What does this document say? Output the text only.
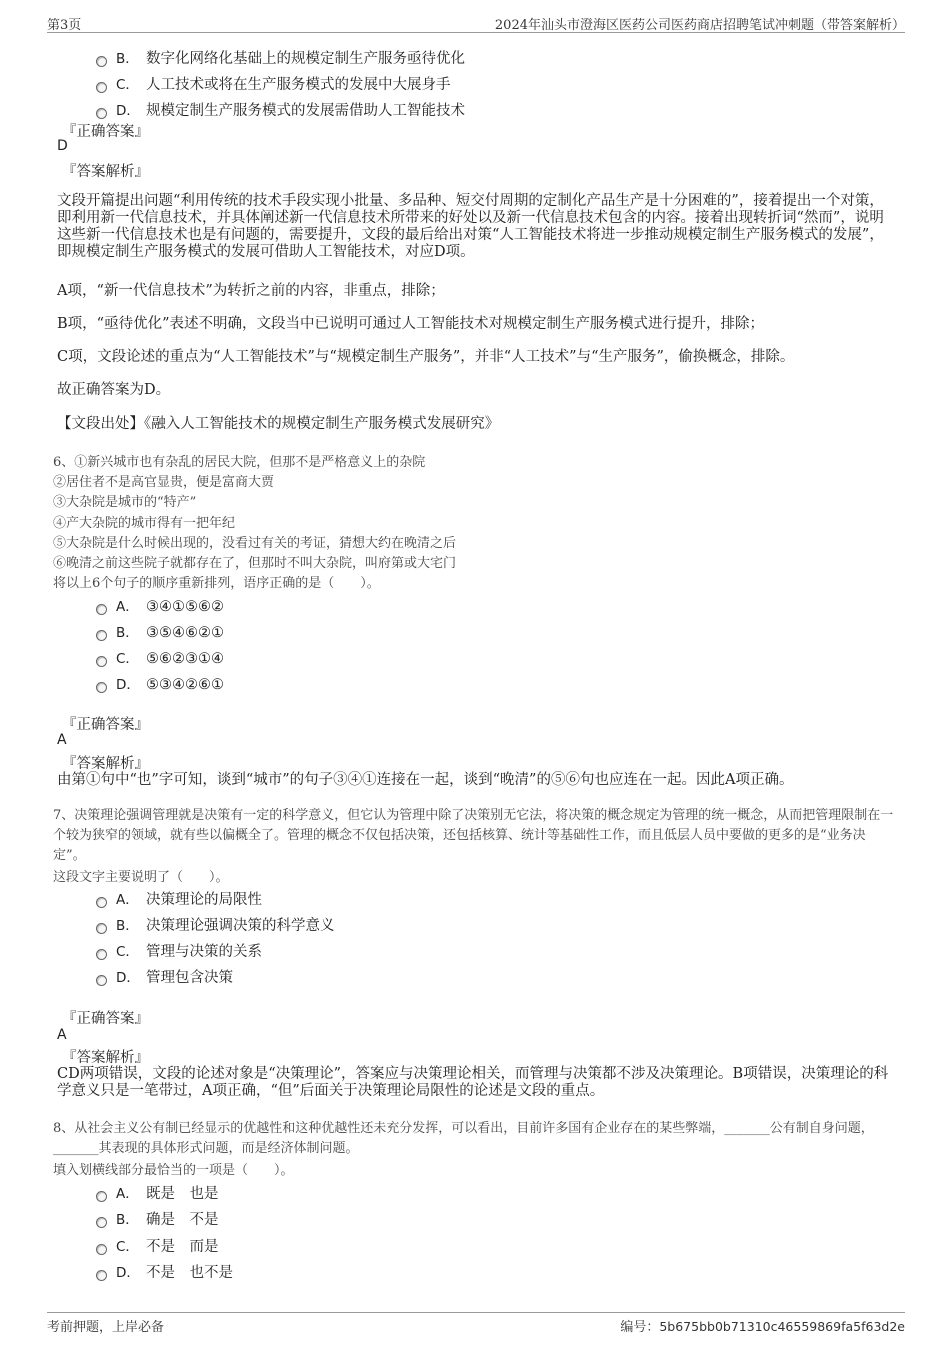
第3页	2024年汕头市澄海区医药公司医药商店招聘笔试冲刺题（带答案解析）
B． 数字化网络化基础上的规模定制生产服务亟待优化
C． 人工技术或将在生产服务模式的发展中大展身手
D． 规模定制生产服务模式的发展需借助人工智能技术
『正确答案』
D
『答案解析』
文段开篇提出问题“利用传统的技术手段实现小批量、多品种、短交付周期的定制化产品生产是十分困难的”，接着提出一个对策，即利用新一代信息技术，并具体阐述新一代信息技术所带来的好处以及新一代信息技术包含的内容。接着出现转折词“然而”，说明这些新一代信息技术也是有问题的，需要提升，文段的最后给出对策“人工智能技术将进一步推动规模定制生产服务模式的发展”，即规模定制生产服务模式的发展可借助人工智能技术，对应D项。
A项，“新一代信息技术”为转折之前的内容，非重点，排除；
B项，“亟待优化”表述不明确，文段当中已说明可通过人工智能技术对规模定制生产服务模式进行提升，排除；
C项，文段论述的重点为“人工智能技术”与“规模定制生产服务”，并非“人工技术”与“生产服务”，偷换概念，排除。
故正确答案为D。
【文段出处】《融入人工智能技术的规模定制生产服务模式发展研究》
6、①新兴城市也有杂乱的居民大院，但那不是严格意义上的杂院
②居住者不是高官显贵，便是富商大贾
③大杂院是城市的“特产”
④产大杂院的城市得有一把年纪
⑤大杂院是什么时候出现的，没看过有关的考证，猜想大约在晚清之后
⑥晚清之前这些院子就都存在了，但那时不叫大杂院，叫府第或大宅门
将以上6个句子的顺序重新排列，语序正确的是（　　）。
A． ③④①⑤⑥②
B． ③⑤④⑥②①
C． ⑤⑥②③①④
D． ⑤③④②⑥①
『正确答案』
A
『答案解析』
由第①句中“也”字可知，谈到“城市”的句子③④①连接在一起，谈到“晚清”的⑤⑥句也应连在一起。因此A项正确。
7、决策理论强调管理就是决策有一定的科学意义，但它认为管理中除了决策别无它法，将决策的概念规定为管理的统一概念，从而把管理限制在一个较为狭窄的领域，就有些以偏概全了。管理的概念不仅包括决策，还包括核算、统计等基础性工作，而且低层人员中要做的更多的是“业务决定”。
这段文字主要说明了（　　）。
A． 决策理论的局限性
B． 决策理论强调决策的科学意义
C． 管理与决策的关系
D． 管理包含决策
『正确答案』
A
『答案解析』
CD两项错误，文段的论述对象是“决策理论”，答案应与决策理论相关，而管理与决策都不涉及决策理论。B项错误，决策理论的科学意义只是一笔带过，A项正确，“但”后面关于决策理论局限性的论述是文段的重点。
8、从社会主义公有制已经显示的优越性和这种优越性还未充分发挥，可以看出，目前许多国有企业存在的某些弊端，_______公有制自身问题，_______其表现的具体形式问题，而是经济体制问题。
填入划横线部分最恰当的一项是（　　）。
A． 既是　也是
B． 确是　不是
C． 不是　而是
D． 不是　也不是
考前押题，上岸必备	编号：5b675bb0b71310c46559869fa5f63d2e
